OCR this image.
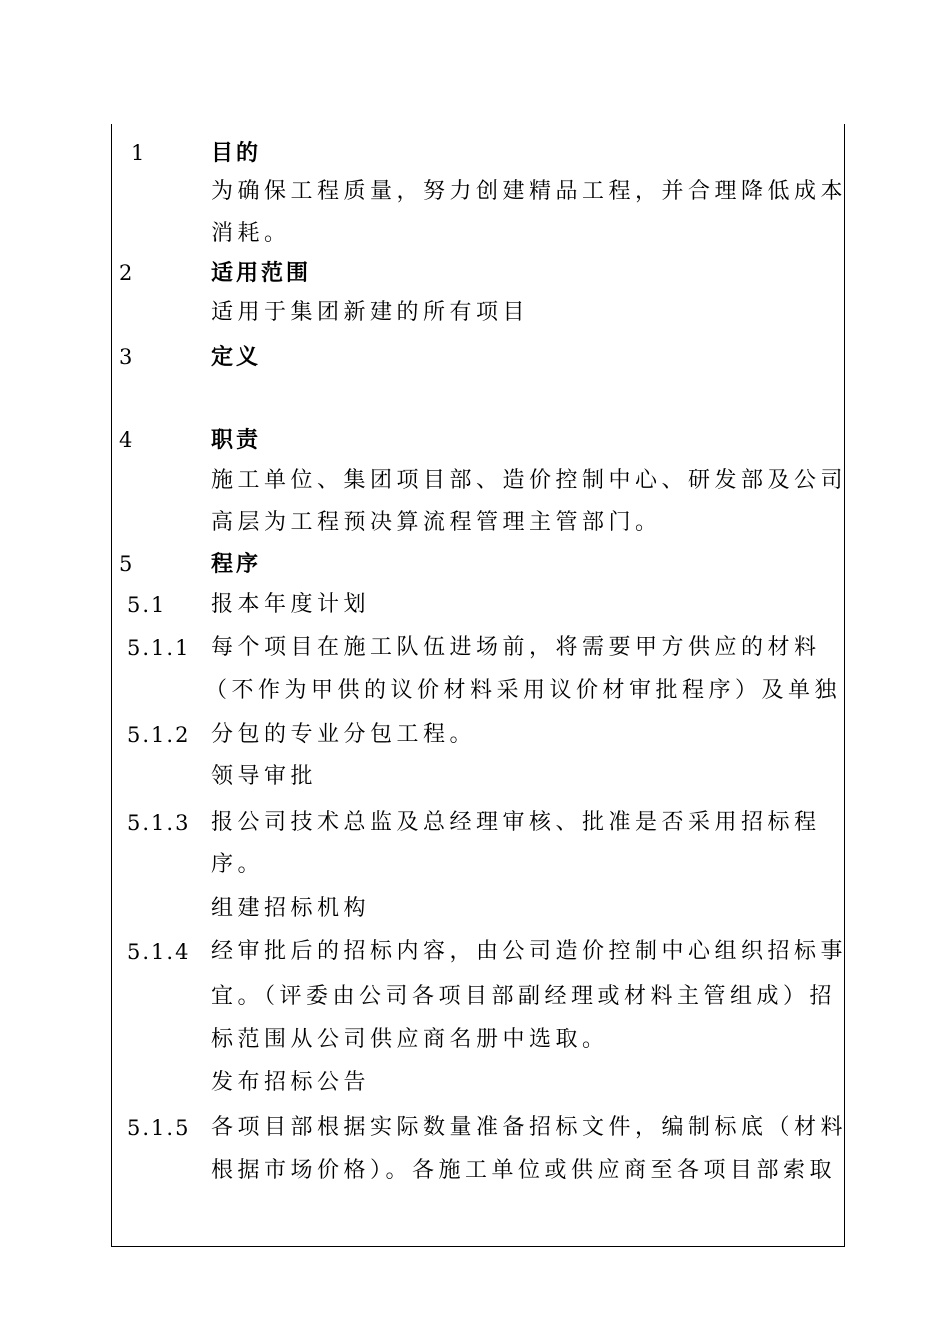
1	目的
为确保工程质量，努力创建精品工程，并合理降低成本
消耗。
2	适用范围
适用于集团新建的所有项目
3	定义
4	职责
施工单位、集团项目部、造价控制中心、研发部及公司
高层为工程预决算流程管理主管部门。
5	程序
5.1 报本年度计划
5.1.1 每个项目在施工队伍进场前，将需要甲方供应的材料
（不作为甲供的议价材料采用议价材审批程序）及单独
5.1.2 分包的专业分包工程。
领导审批
5.1.3 报公司技术总监及总经理审核、批准是否采用招标程
序。
组建招标机构
5.1.4 经审批后的招标内容，由公司造价控制中心组织招标事
宜。（评委由公司各项目部副经理或材料主管组成）招
标范围从公司供应商名册中选取。
发布招标公告
5.1.5 各项目部根据实际数量准备招标文件，编制标底（材料
根据市场价格）。各施工单位或供应商至各项目部索取
